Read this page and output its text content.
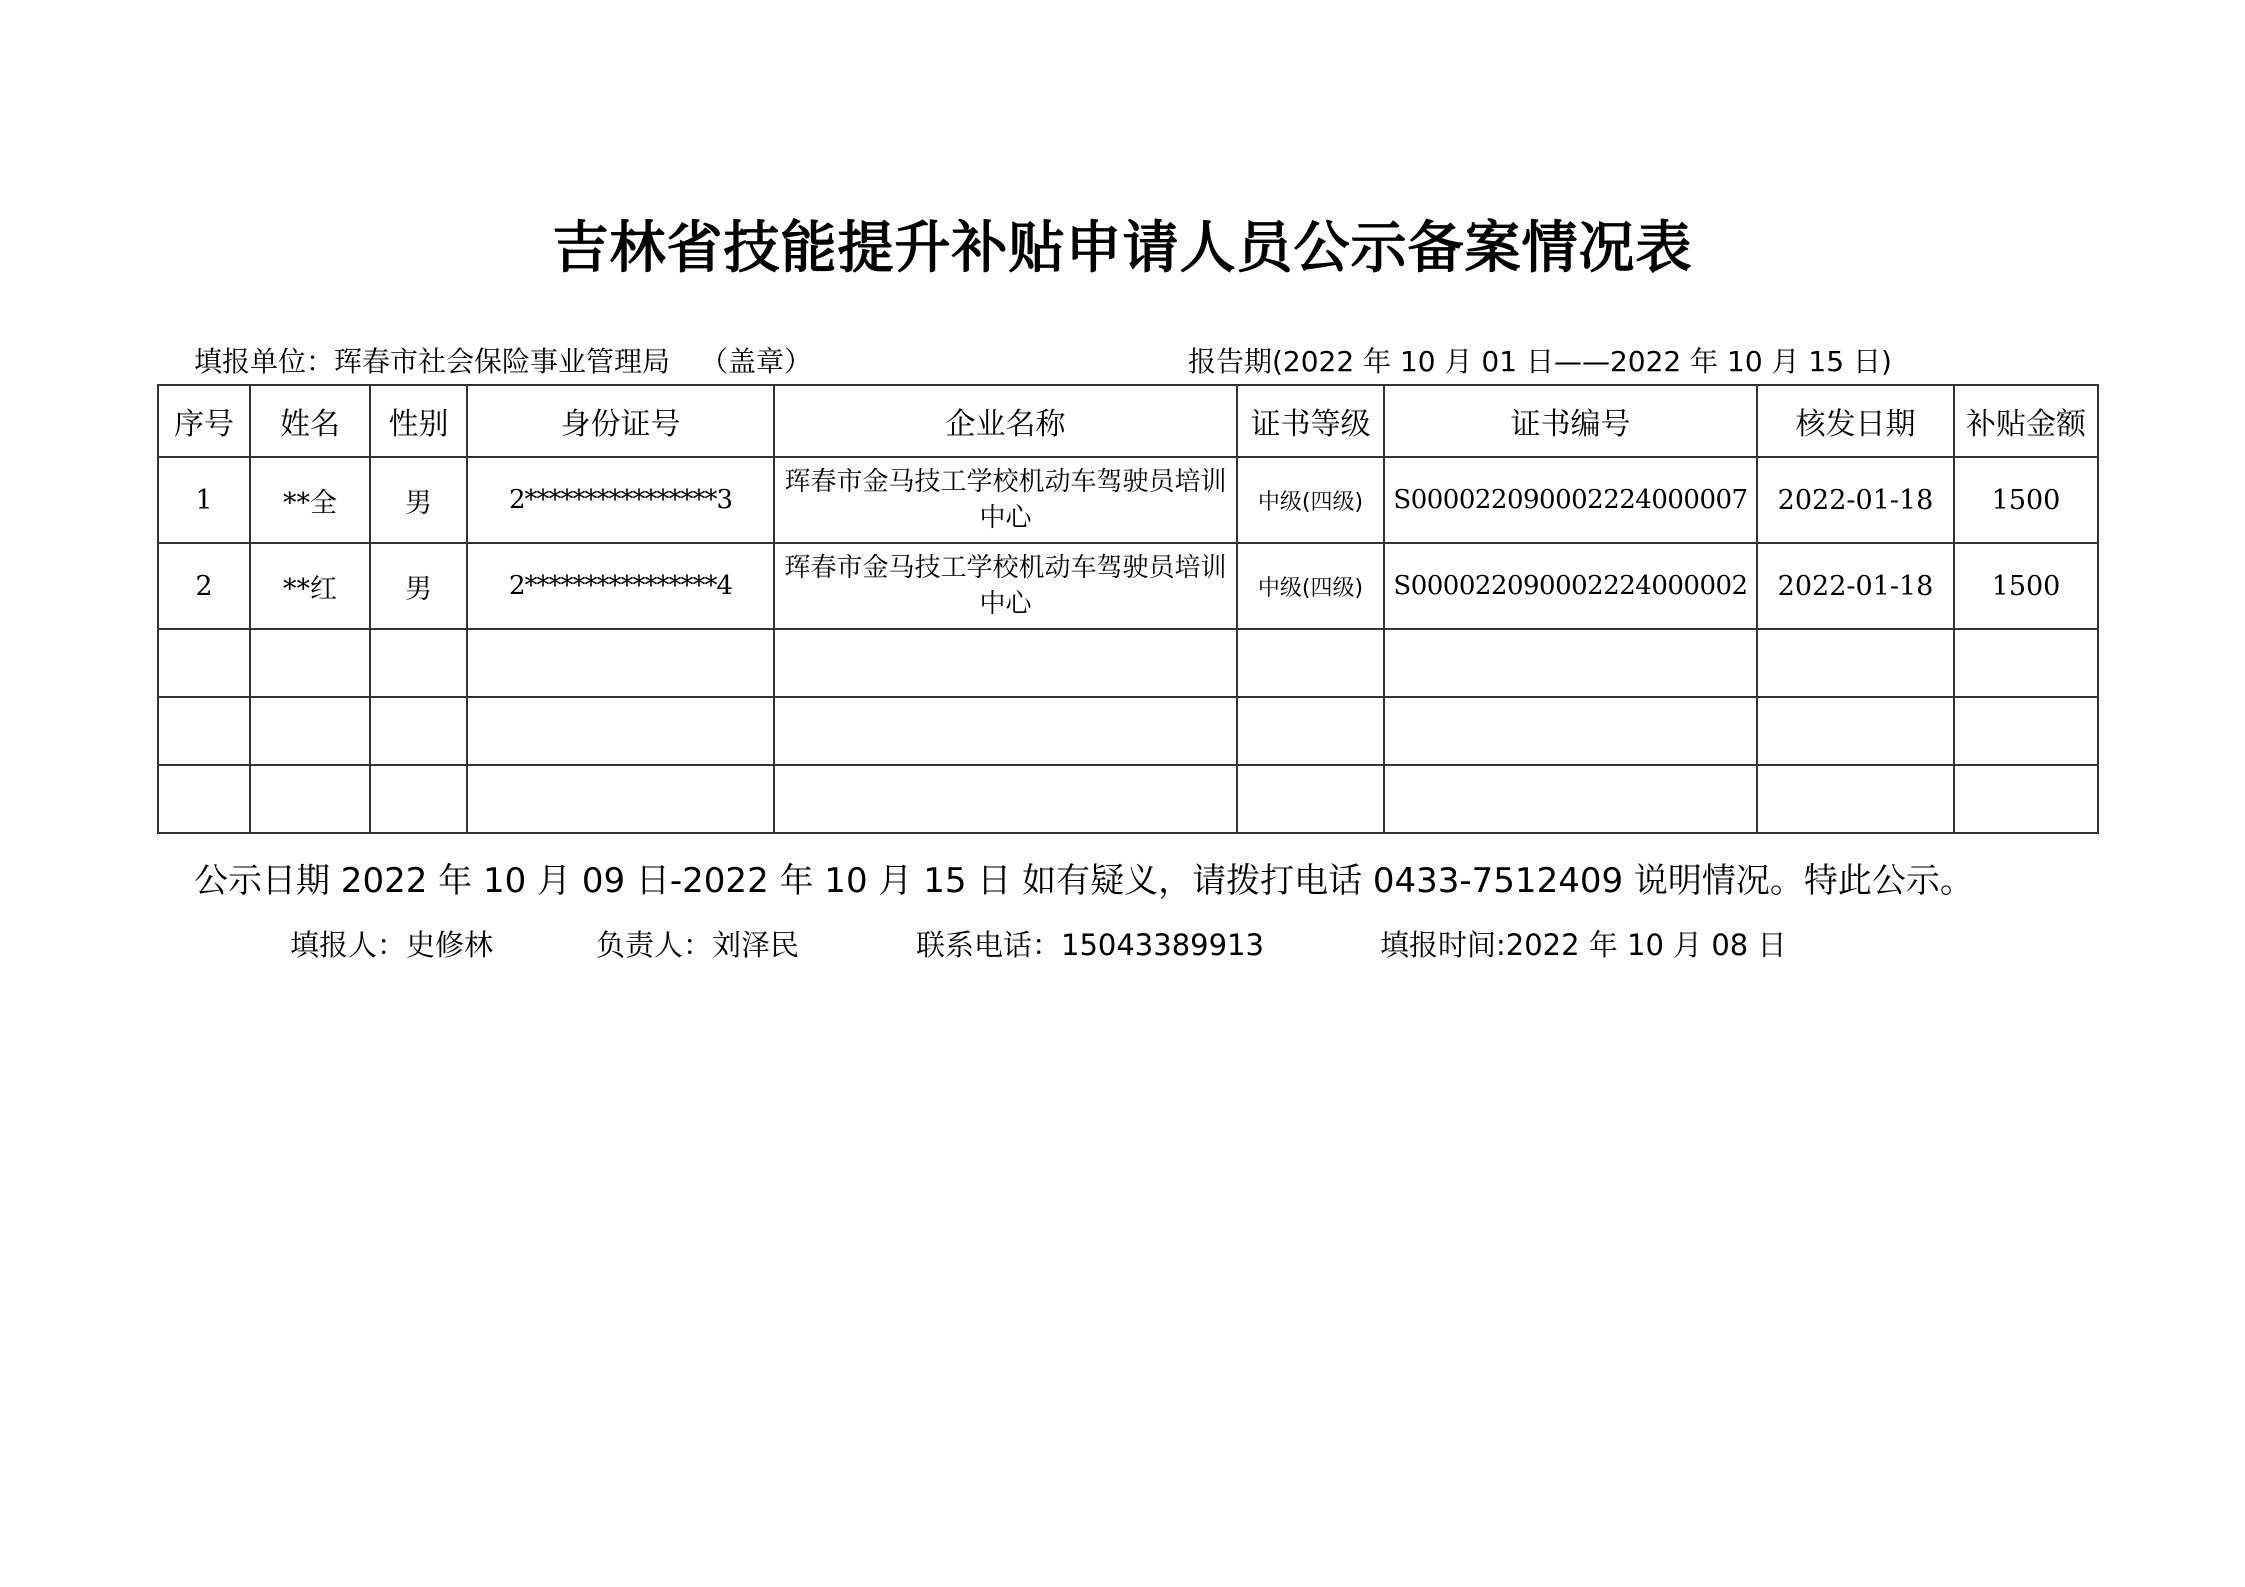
吉林省技能提升补贴申请人员公示备案情况表
填报单位：珲春市社会保险事业管理局 （盖章）	报告期(2022 年 10 月 01 日——2022 年 10 月 15 日)
序号	姓名	性别	身份证号	企业名称	证书等级	证书编号	核发日期	补贴金额
1	**全	男	2****************3	珲春市金马技工学校机动车驾驶员培训中心	中级(四级)	S000022090002224000007	2022-01-18	1500
2	**红	男	2****************4	珲春市金马技工学校机动车驾驶员培训中心	中级(四级)	S000022090002224000002	2022-01-18	1500

公示日期 2022 年 10 月 09 日-2022 年 10 月 15 日 如有疑义，请拨打电话 0433-7512409 说明情况。特此公示。
填报人：史修林	负责人：刘泽民	联系电话：15043389913	填报时间:2022 年 10 月 08 日
